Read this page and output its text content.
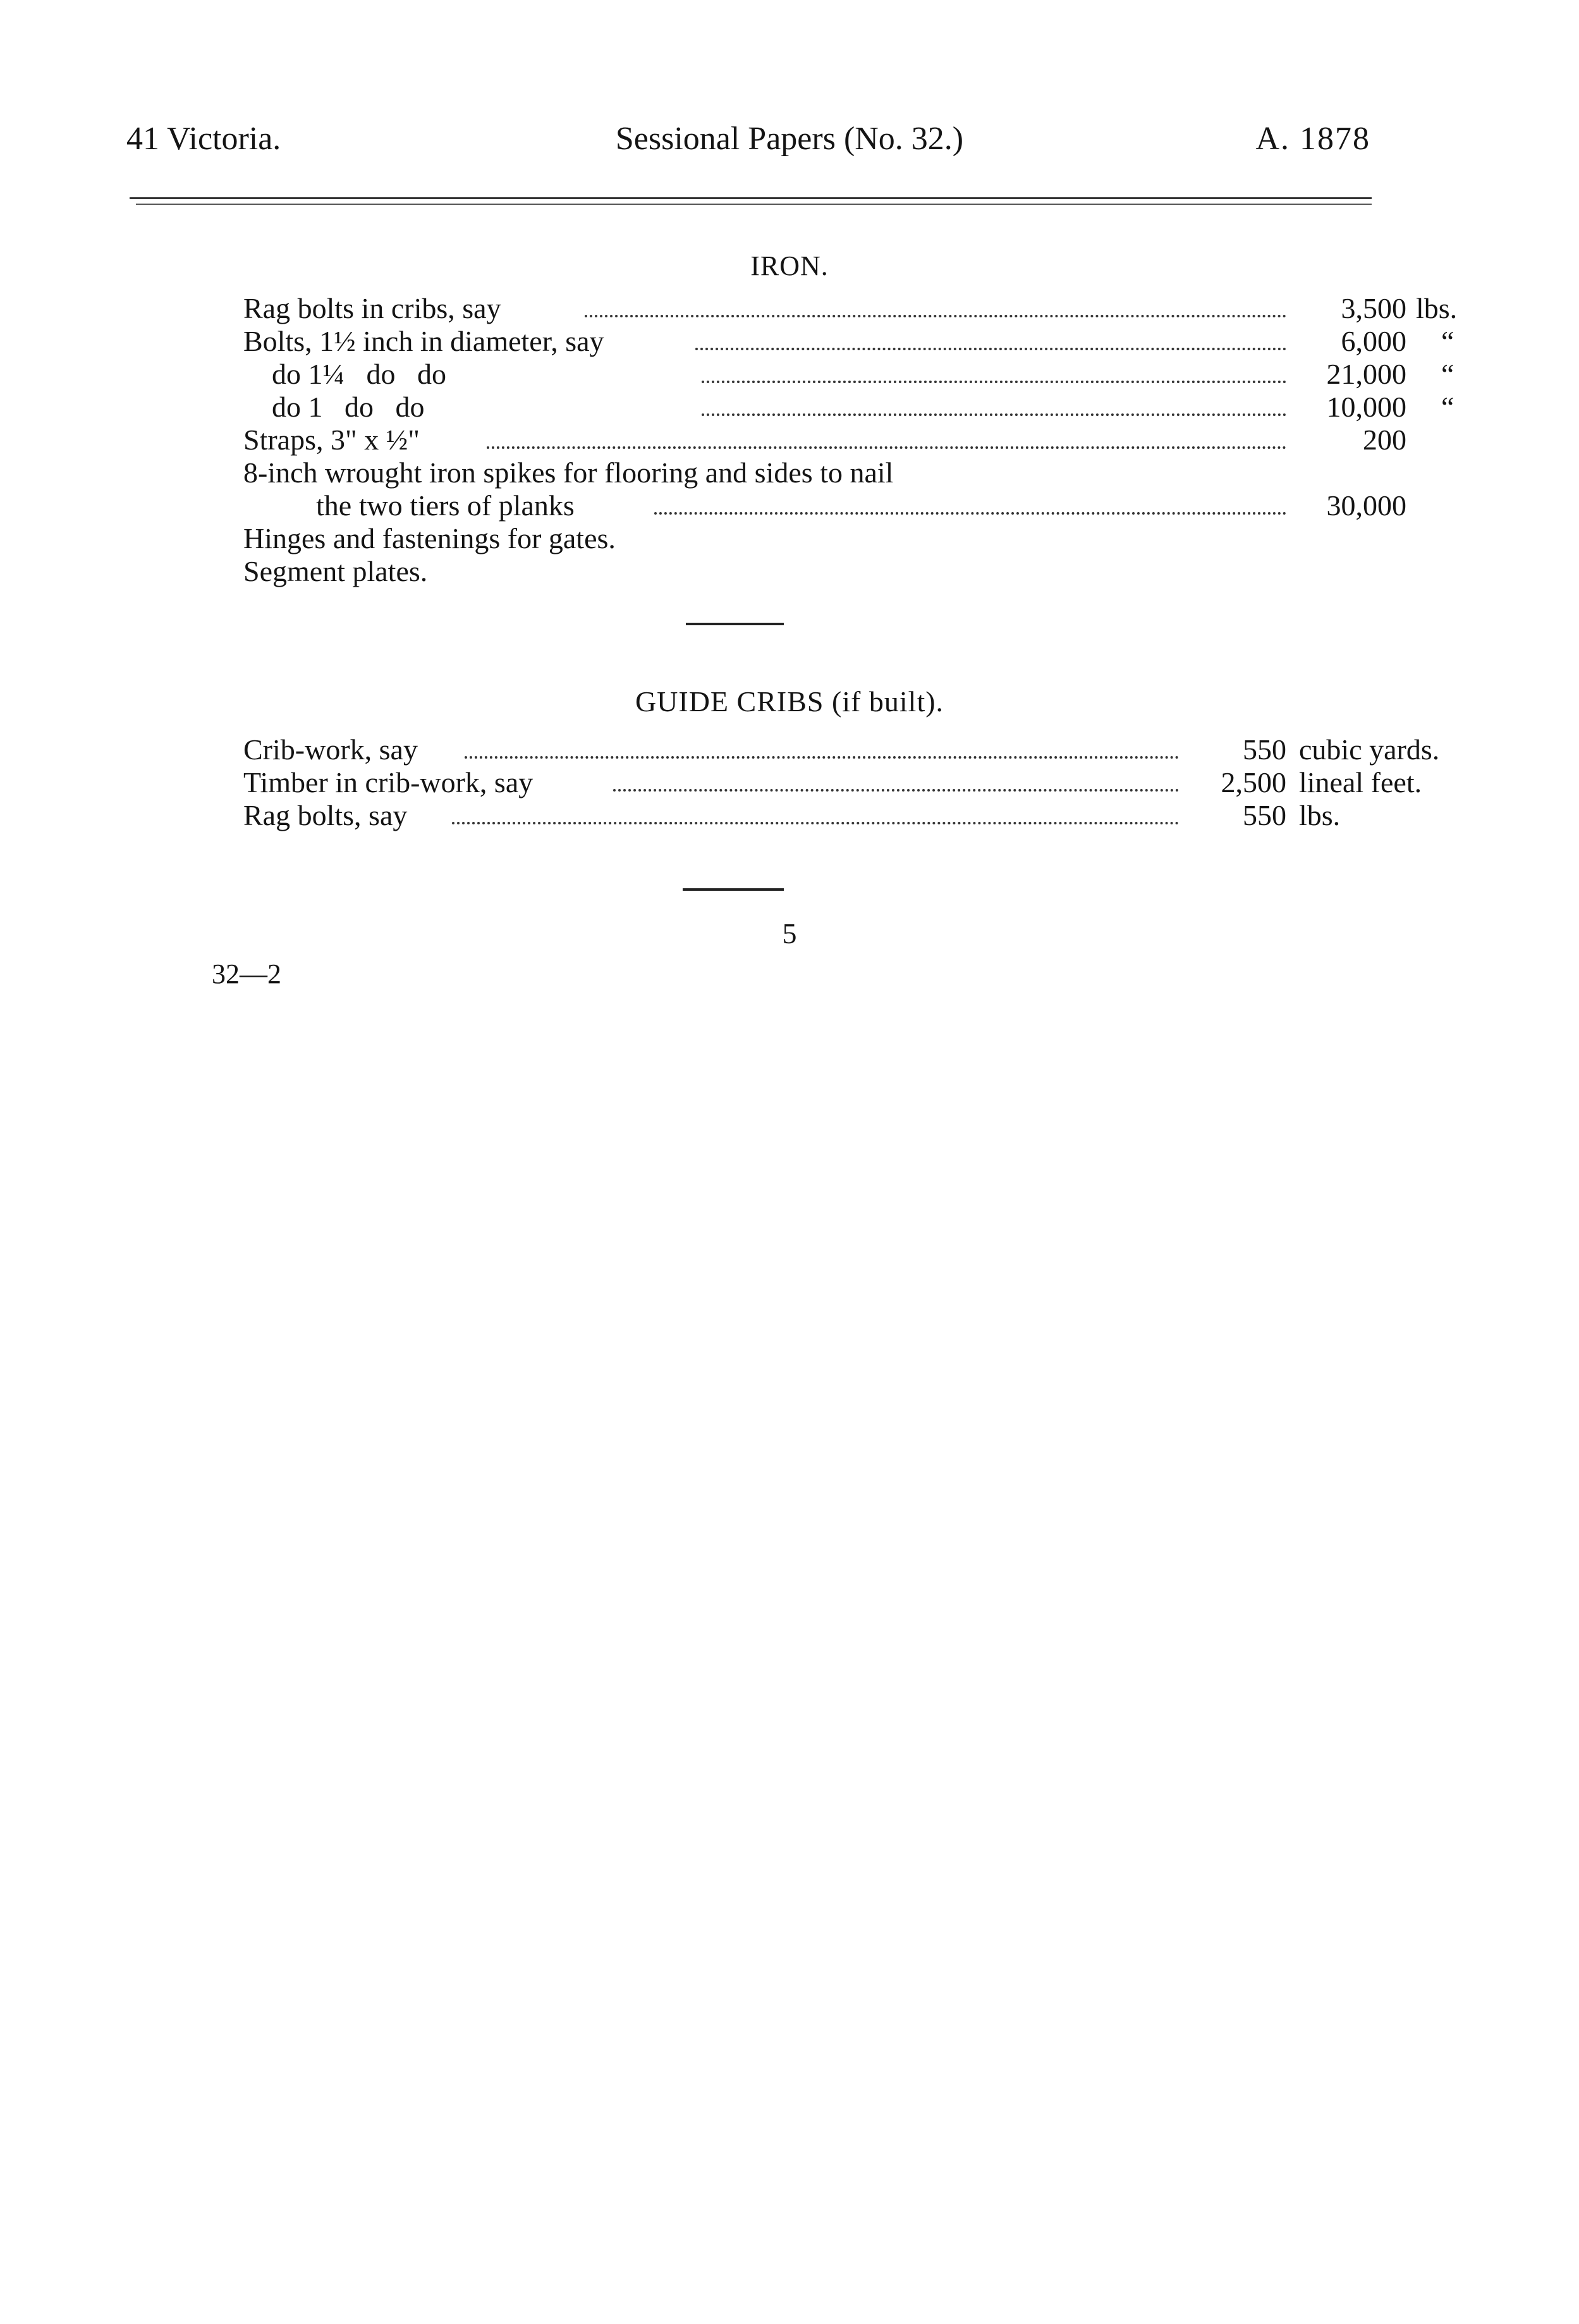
41 Victoria.	Sessional Papers (No. 32.)	A. 1878
IRON.
Rag bolts in cribs, say	3,500 lbs.
Bolts, 1½ inch in diameter, say	6,000 “
do 1¼   do   do	21,000 “
do 1   do   do	10,000 “
Straps, 3" x ½"	200
8-inch wrought iron spikes for flooring and sides to nail
the two tiers of planks	30,000
Hinges and fastenings for gates.
Segment plates.
GUIDE CRIBS (if built).
Crib-work, say	550 cubic yards.
Timber in crib-work, say	2,500 lineal feet.
Rag bolts, say	550 lbs.
5
32—2
